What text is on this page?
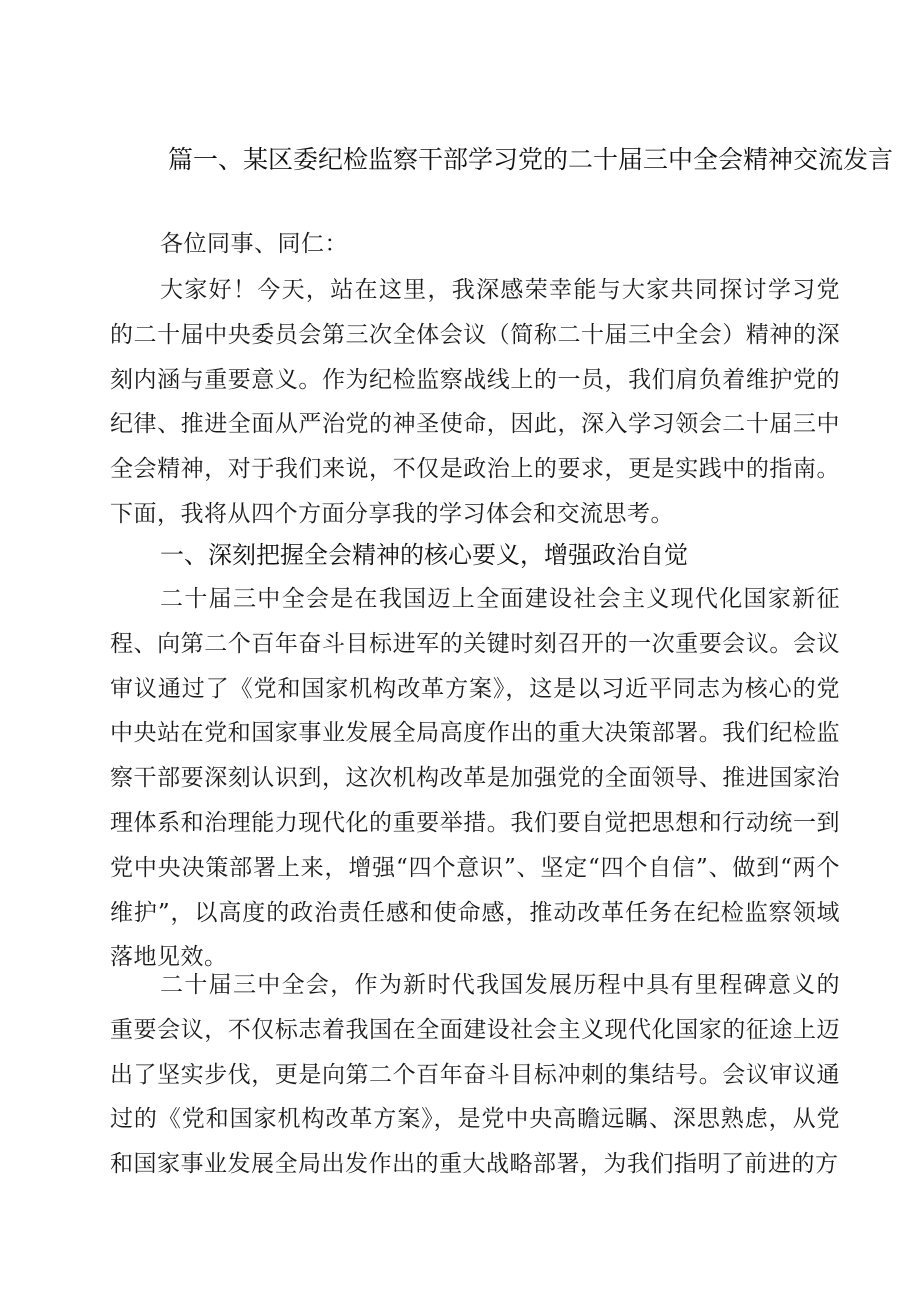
篇一、某区委纪检监察干部学习党的二十届三中全会精神交流发言
各位同事、同仁：
大家好！今天，站在这里，我深感荣幸能与大家共同探讨学习党的二十届中央委员会第三次全体会议（简称二十届三中全会）精神的深刻内涵与重要意义。作为纪检监察战线上的一员，我们肩负着维护党的纪律、推进全面从严治党的神圣使命，因此，深入学习领会二十届三中全会精神，对于我们来说，不仅是政治上的要求，更是实践中的指南。下面，我将从四个方面分享我的学习体会和交流思考。
一、深刻把握全会精神的核心要义，增强政治自觉
二十届三中全会是在我国迈上全面建设社会主义现代化国家新征程、向第二个百年奋斗目标进军的关键时刻召开的一次重要会议。会议审议通过了《党和国家机构改革方案》，这是以习近平同志为核心的党中央站在党和国家事业发展全局高度作出的重大决策部署。我们纪检监察干部要深刻认识到，这次机构改革是加强党的全面领导、推进国家治理体系和治理能力现代化的重要举措。我们要自觉把思想和行动统一到党中央决策部署上来，增强“四个意识”、坚定“四个自信”、做到“两个维护”，以高度的政治责任感和使命感，推动改革任务在纪检监察领域落地见效。
二十届三中全会，作为新时代我国发展历程中具有里程碑意义的重要会议，不仅标志着我国在全面建设社会主义现代化国家的征途上迈出了坚实步伐，更是向第二个百年奋斗目标冲刺的集结号。会议审议通过的《党和国家机构改革方案》，是党中央高瞻远瞩、深思熟虑，从党和国家事业发展全局出发作出的重大战略部署，为我们指明了前进的方
